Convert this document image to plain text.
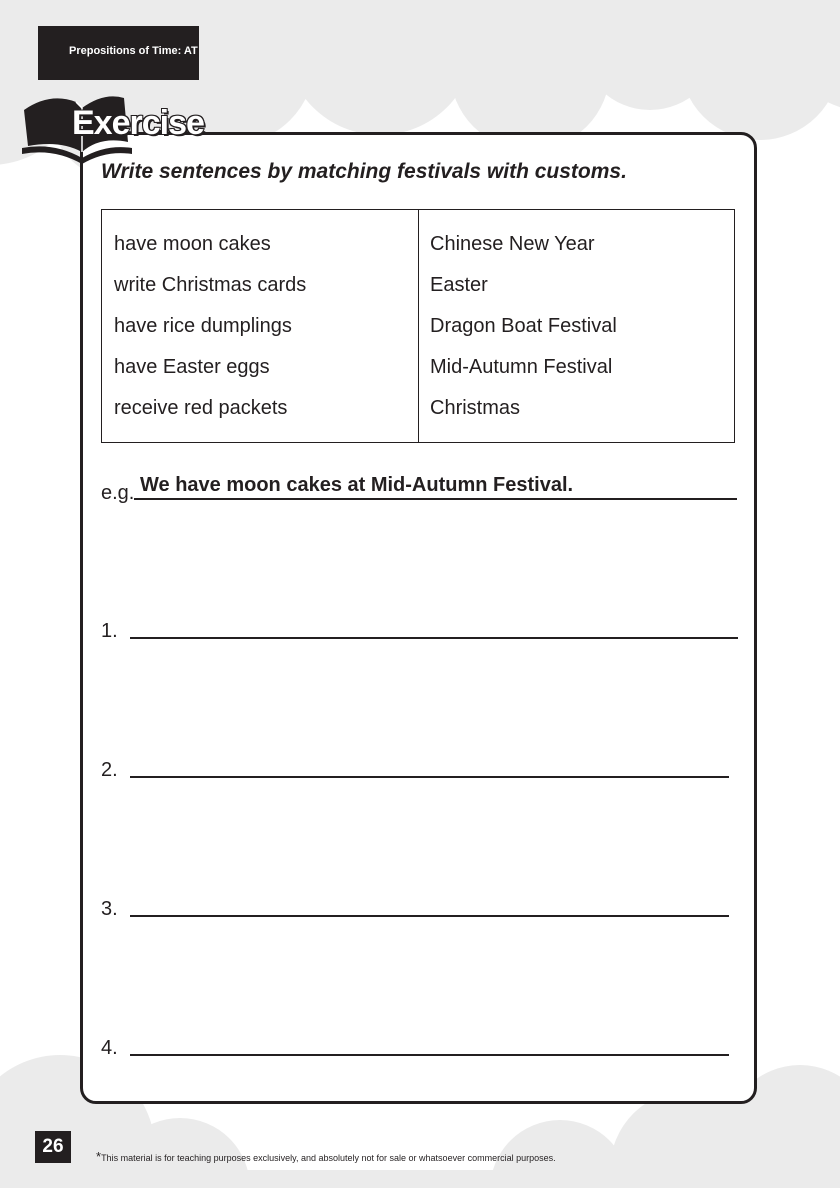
Prepositions of Time: AT
Exercise
Write sentences by matching festivals with customs.
have moon cakes
write Christmas cards
have rice dumplings
have Easter eggs
receive red packets
Chinese New Year
Easter
Dragon Boat Festival
Mid-Autumn Festival
Christmas
e.g. We have moon cakes at Mid-Autumn Festival.
1.
2.
3.
4.
26	*This material is for teaching purposes exclusively, and absolutely not for sale or whatsoever commercial purposes.
